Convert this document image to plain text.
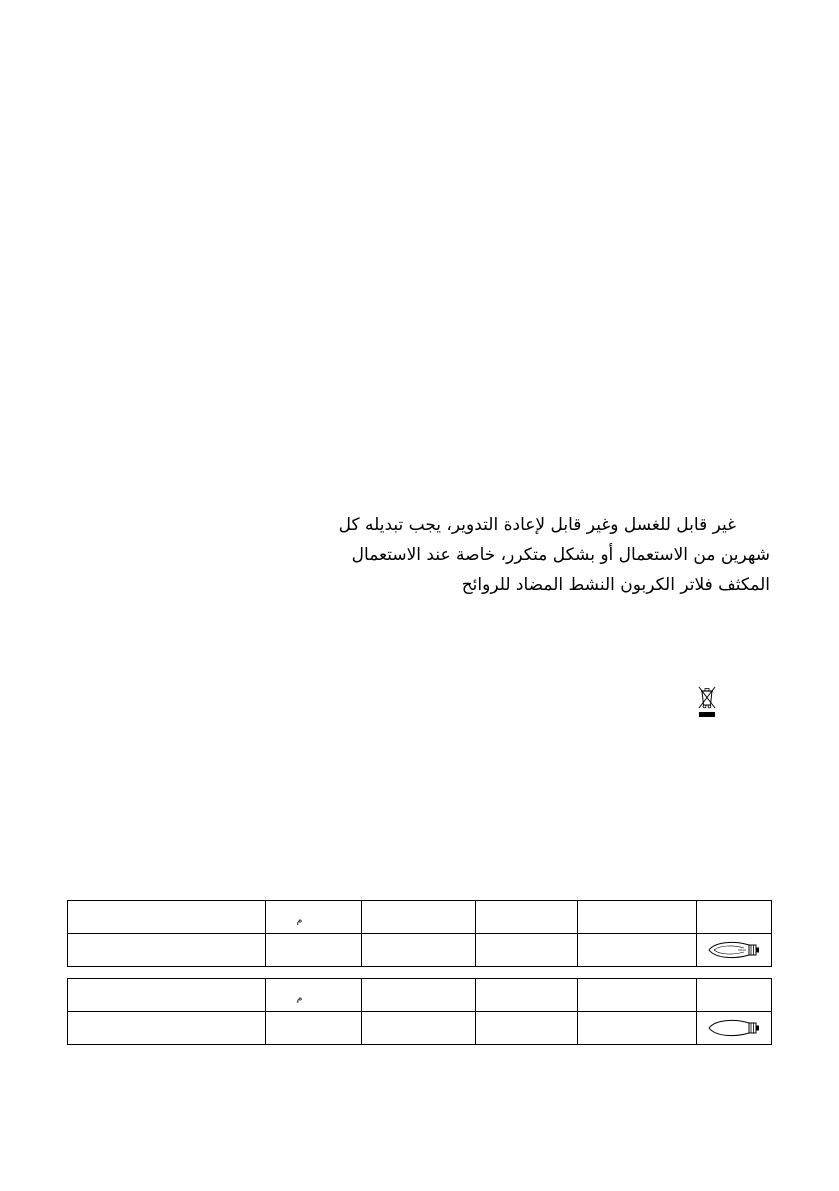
غير قابل للغسل وغير قابل لإعادة التدوير، يجب تبديله كل
شهرين من الاستعمال أو بشكل متكرر، خاصة عند الاستعمال
المكثف فلاتر الكربون النشط المضاد للروائح
	م				

	م				
